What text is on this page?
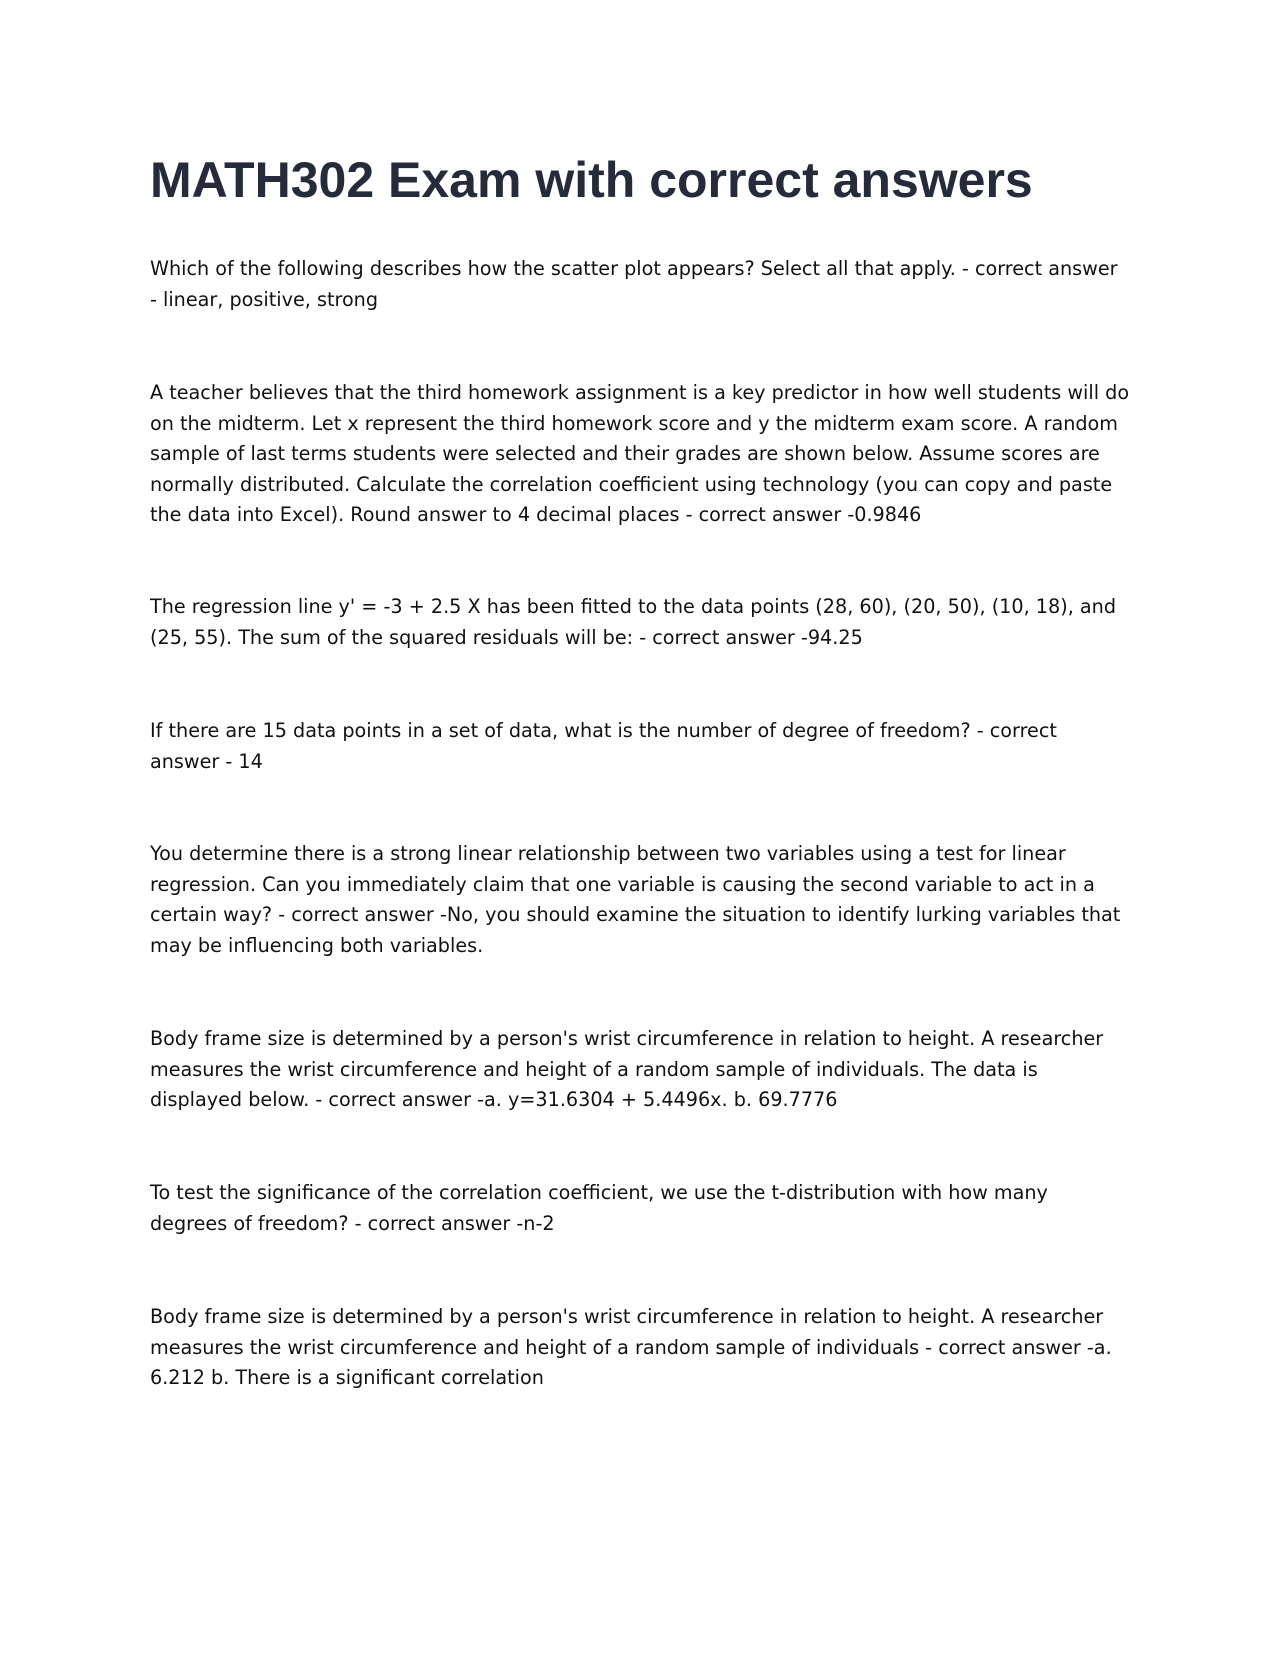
MATH302 Exam with correct answers

Which of the following describes how the scatter plot appears? Select all that apply. - correct answer - linear, positive, strong

A teacher believes that the third homework assignment is a key predictor in how well students will do on the midterm. Let x represent the third homework score and y the midterm exam score. A random sample of last terms students were selected and their grades are shown below. Assume scores are normally distributed. Calculate the correlation coefficient using technology (you can copy and paste the data into Excel). Round answer to 4 decimal places - correct answer -0.9846

The regression line y' = -3 + 2.5 X has been fitted to the data points (28, 60), (20, 50), (10, 18), and (25, 55). The sum of the squared residuals will be: - correct answer -94.25

If there are 15 data points in a set of data, what is the number of degree of freedom? - correct answer - 14

You determine there is a strong linear relationship between two variables using a test for linear regression. Can you immediately claim that one variable is causing the second variable to act in a certain way? - correct answer -No, you should examine the situation to identify lurking variables that may be influencing both variables.

Body frame size is determined by a person's wrist circumference in relation to height. A researcher measures the wrist circumference and height of a random sample of individuals. The data is displayed below. - correct answer -a. y=31.6304 + 5.4496x. b. 69.7776

To test the significance of the correlation coefficient, we use the t-distribution with how many degrees of freedom? - correct answer -n-2

Body frame size is determined by a person's wrist circumference in relation to height. A researcher measures the wrist circumference and height of a random sample of individuals - correct answer -a. 6.212 b. There is a significant correlation
